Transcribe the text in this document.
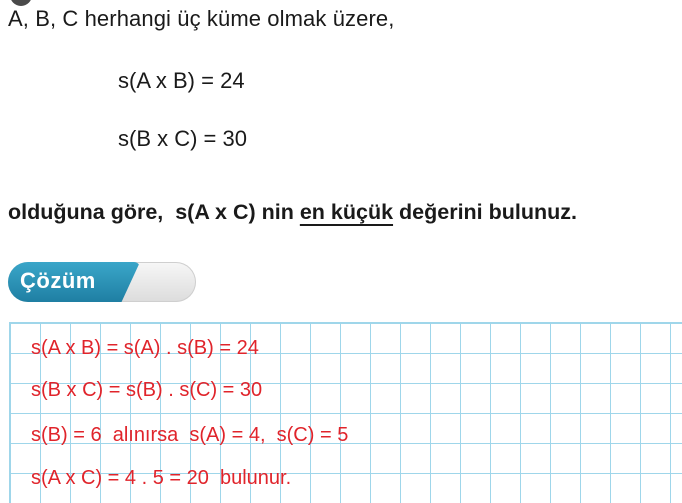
A, B, C herhangi üç küme olmak üzere,
s(A x B) = 24
s(B x C) = 30
olduğuna göre,  s(A x C) nin en küçük değerini bulunuz.
Çözüm
s(A x B) = s(A) . s(B) = 24
s(B x C) = s(B) . s(C) = 30
s(B) = 6  alınırsa  s(A) = 4,  s(C) = 5
s(A x C) = 4 . 5 = 20  bulunur.
